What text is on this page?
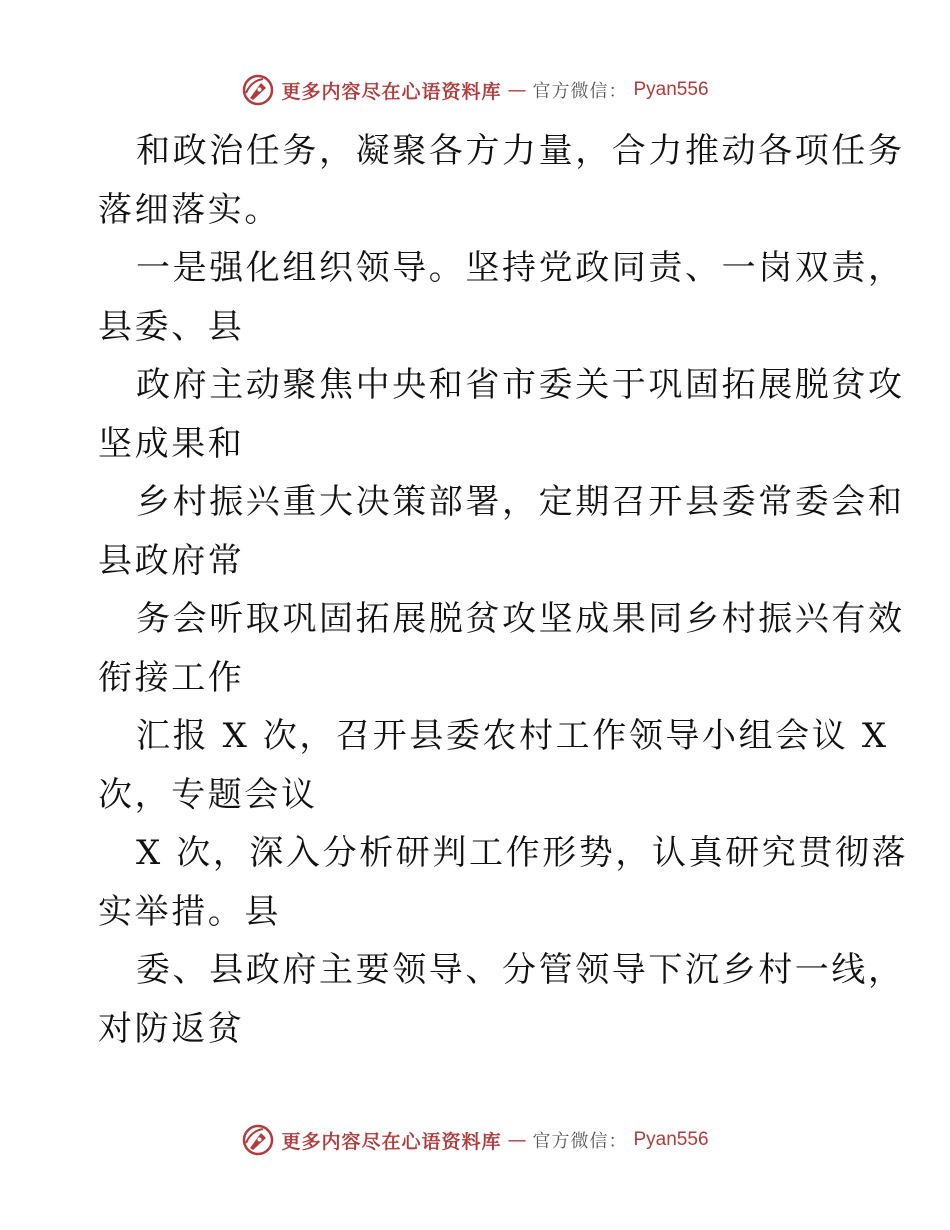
更多内容尽在心语资料库 — 官方微信： Pyan556
和政治任务，凝聚各方力量，合力推动各项任务
落细落实。
一是强化组织领导。坚持党政同责、一岗双责，
县委、县
政府主动聚焦中央和省市委关于巩固拓展脱贫攻
坚成果和
乡村振兴重大决策部署，定期召开县委常委会和
县政府常
务会听取巩固拓展脱贫攻坚成果同乡村振兴有效
衔接工作
汇报 X 次，召开县委农村工作领导小组会议 X
次，专题会议
X 次，深入分析研判工作形势，认真研究贯彻落
实举措。县
委、县政府主要领导、分管领导下沉乡村一线，
对防返贫
更多内容尽在心语资料库 — 官方微信： Pyan556
